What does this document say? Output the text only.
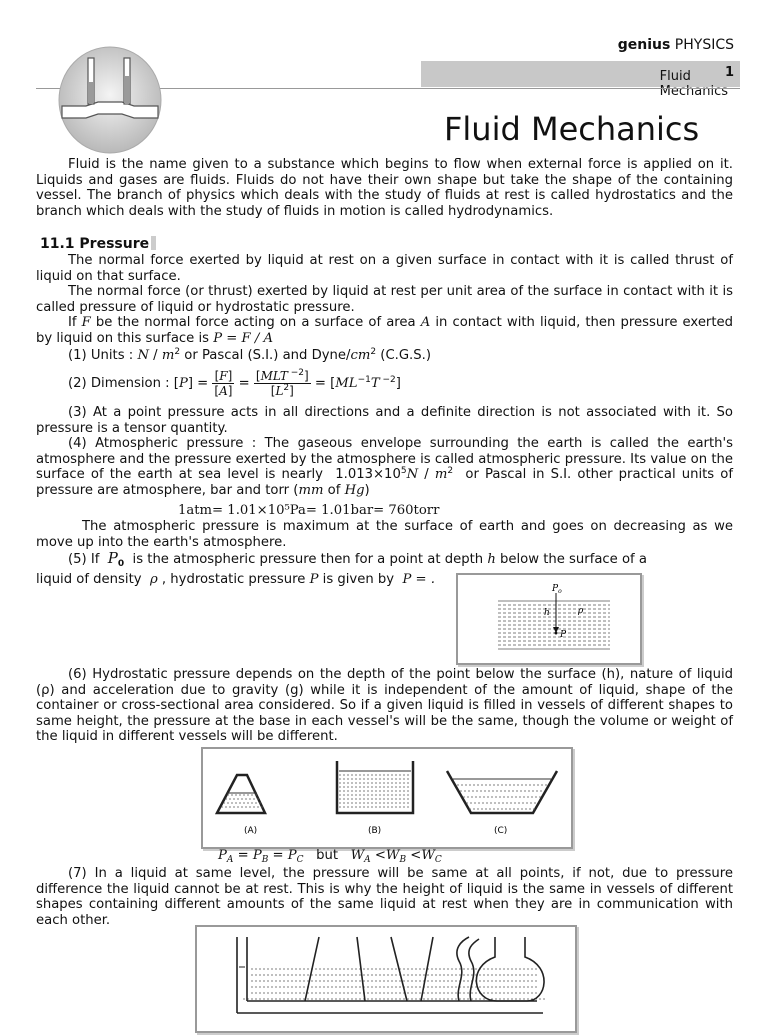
genius PHYSICS
Fluid Mechanics
1
Fluid Mechanics
Fluid is the name given to a substance which begins to flow when external force is applied on it. Liquids and gases are fluids. Fluids do not have their own shape but take the shape of the containing vessel. The branch of physics which deals with the study of fluids at rest is called hydrostatics and the branch which deals with the study of fluids in motion is called hydrodynamics.
11.1 Pressure
The normal force exerted by liquid at rest on a given surface in contact with it is called thrust of liquid on that surface.
The normal force (or thrust) exerted by liquid at rest per unit area of the surface in contact with it is called pressure of liquid or hydrostatic pressure.
If F be the normal force acting on a surface of area A in contact with liquid, then pressure exerted by liquid on this surface is P = F / A
(1) Units : N / $m^2$ or Pascal (S.I.) and Dyne/$cm^2$ (C.G.S.)
(2) Dimension : $[P] = \frac{[F]}{[A]} = \frac{[MLT ^{-2}]}{[L^2]} = [ML^{-1}T$ $^{-2}$]
(3) At a point pressure acts in all directions and a definite direction is not associated with it. So pressure is a tensor quantity.
(4) Atmospheric pressure : The gaseous envelope surrounding the earth is called the earth's atmosphere and the pressure exerted by the atmosphere is called atmospheric pressure. Its value on the surface of the earth at sea level is nearly  $1.013\times 10^5N / m^2$ or Pascal in S.I. other practical units of pressure are atmosphere, bar and torr (mm of Hg)
1atm= 1.01×10⁵Pa= 1.01bar= 760torr
The atmospheric pressure is maximum at the surface of earth and goes on decreasing as we move up into the earth's atmosphere.
(5) If $P_0$ is the atmospheric pressure then for a point at depth h below the surface of a
liquid of density ρ , hydrostatic pressure P is given by P = .
$P_o$
h	ρ
P
(6) Hydrostatic pressure depends on the depth of the point below the surface (h), nature of liquid (ρ) and acceleration due to gravity (g) while it is independent of the amount of liquid, shape of the container or cross-sectional area considered. So if a given liquid is filled in vessels of different shapes to same height, the pressure at the base in each vessel's will be the same, though the volume or weight of the liquid in different vessels will be different.
(A)	(B)	(C)
$P_A = P_B = P_C$ but $W_A <W_B <W_C$
(7) In a liquid at same level, the pressure will be same at all points, if not, due to pressure difference the liquid cannot be at rest. This is why the height of liquid is the same in vessels of different shapes containing different amounts of the same liquid at rest when they are in communication with each other.
